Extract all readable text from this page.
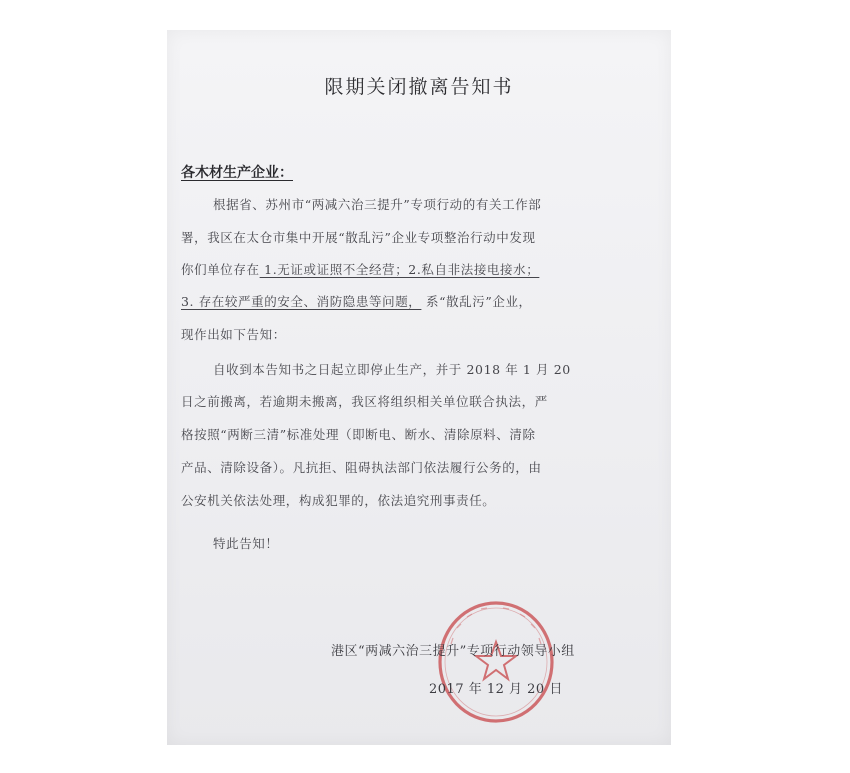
限期关闭撤离告知书
各木材生产企业：
根据省、苏州市“两减六治三提升”专项行动的有关工作部
署，我区在太仓市集中开展“散乱污”企业专项整治行动中发现
你们单位存在 1.无证或证照不全经营；2.私自非法接电接水；
3. 存在较严重的安全、消防隐患等问题， 系“散乱污”企业，
现作出如下告知：
自收到本告知书之日起立即停止生产，并于 2018 年 1 月 20
日之前搬离，若逾期未搬离，我区将组织相关单位联合执法，严
格按照“两断三清”标准处理（即断电、断水、清除原料、清除
产品、清除设备）。凡抗拒、阻碍执法部门依法履行公务的，由
公安机关依法处理，构成犯罪的，依法追究刑事责任。
特此告知！
港区“两减六治三提升”专项行动领导小组
2017 年 12 月 20 日
